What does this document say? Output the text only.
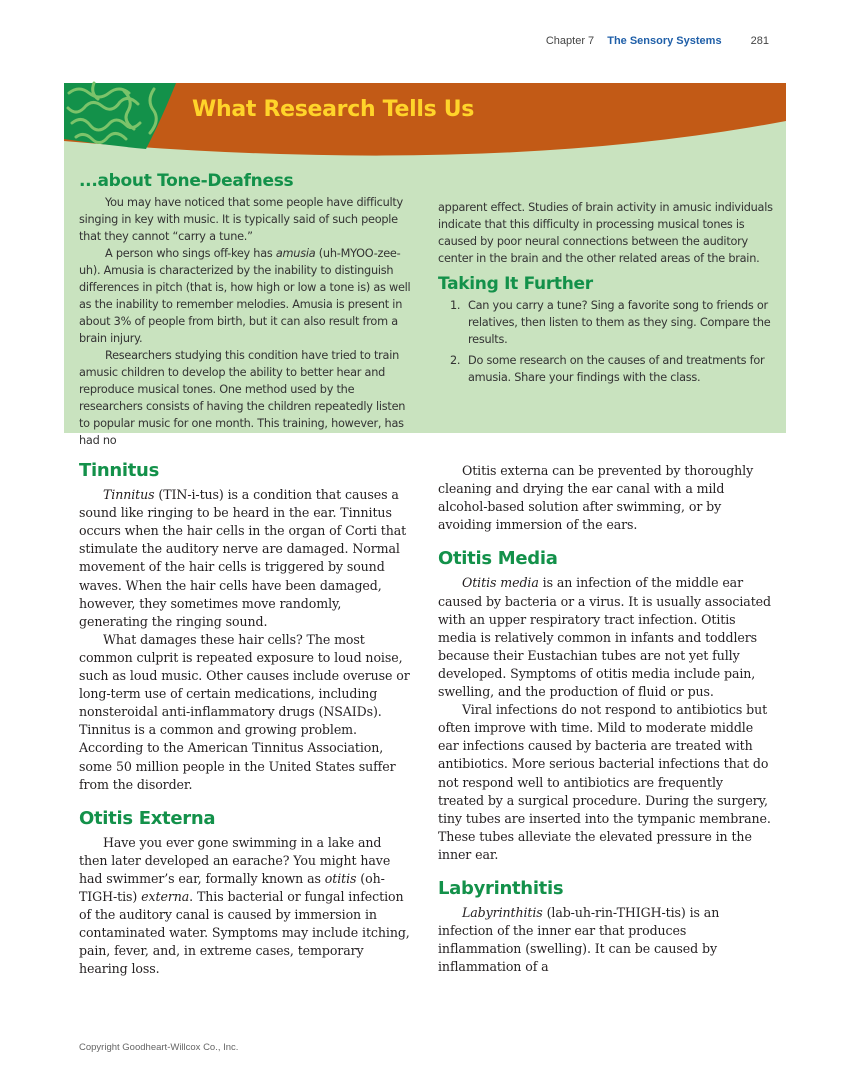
Chapter 7 The Sensory Systems	281
What Research Tells Us
...about Tone-Deafness

You may have noticed that some people have difficulty singing in key with music. It is typically said of such people that they cannot “carry a tune.”

A person who sings off-key has amusia (uh-MYOO-zee-uh). Amusia is characterized by the inability to distinguish differences in pitch (that is, how high or low a tone is) as well as the inability to remember melodies. Amusia is present in about 3% of people from birth, but it can also result from a brain injury.

Researchers studying this condition have tried to train amusic children to develop the ability to better hear and reproduce musical tones. One method used by the researchers consists of having the children repeatedly listen to popular music for one month. This training, however, has had no

apparent effect. Studies of brain activity in amusic individuals indicate that this difficulty in processing musical tones is caused by poor neural connections between the auditory center in the brain and the other related areas of the brain.

Taking It Further
1. Can you carry a tune? Sing a favorite song to friends or relatives, then listen to them as they sing. Compare the results.
2. Do some research on the causes of and treatments for amusia. Share your findings with the class.
Tinnitus

Tinnitus (TIN-i-tus) is a condition that causes a sound like ringing to be heard in the ear. Tinnitus occurs when the hair cells in the organ of Corti that stimulate the auditory nerve are damaged. Normal movement of the hair cells is triggered by sound waves. When the hair cells have been damaged, however, they sometimes move randomly, generating the ringing sound.

What damages these hair cells? The most common culprit is repeated exposure to loud noise, such as loud music. Other causes include overuse or long-term use of certain medications, including nonsteroidal anti-inflammatory drugs (NSAIDs). Tinnitus is a common and growing problem. According to the American Tinnitus Association, some 50 million people in the United States suffer from the disorder.

Otitis Externa

Have you ever gone swimming in a lake and then later developed an earache? You might have had swimmer’s ear, formally known as otitis (oh-TIGH-tis) externa. This bacterial or fungal infection of the auditory canal is caused by immersion in contaminated water. Symptoms may include itching, pain, fever, and, in extreme cases, temporary hearing loss.

Otitis externa can be prevented by thoroughly cleaning and drying the ear canal with a mild alcohol-based solution after swimming, or by avoiding immersion of the ears.

Otitis Media

Otitis media is an infection of the middle ear caused by bacteria or a virus. It is usually associated with an upper respiratory tract infection. Otitis media is relatively common in infants and toddlers because their Eustachian tubes are not yet fully developed. Symptoms of otitis media include pain, swelling, and the production of fluid or pus.

Viral infections do not respond to antibiotics but often improve with time. Mild to moderate middle ear infections caused by bacteria are treated with antibiotics. More serious bacterial infections that do not respond well to antibiotics are frequently treated by a surgical procedure. During the surgery, tiny tubes are inserted into the tympanic membrane. These tubes alleviate the elevated pressure in the inner ear.

Labyrinthitis

Labyrinthitis (lab-uh-rin-THIGH-tis) is an infection of the inner ear that produces inflammation (swelling). It can be caused by inflammation of a

Copyright Goodheart-Willcox Co., Inc.
